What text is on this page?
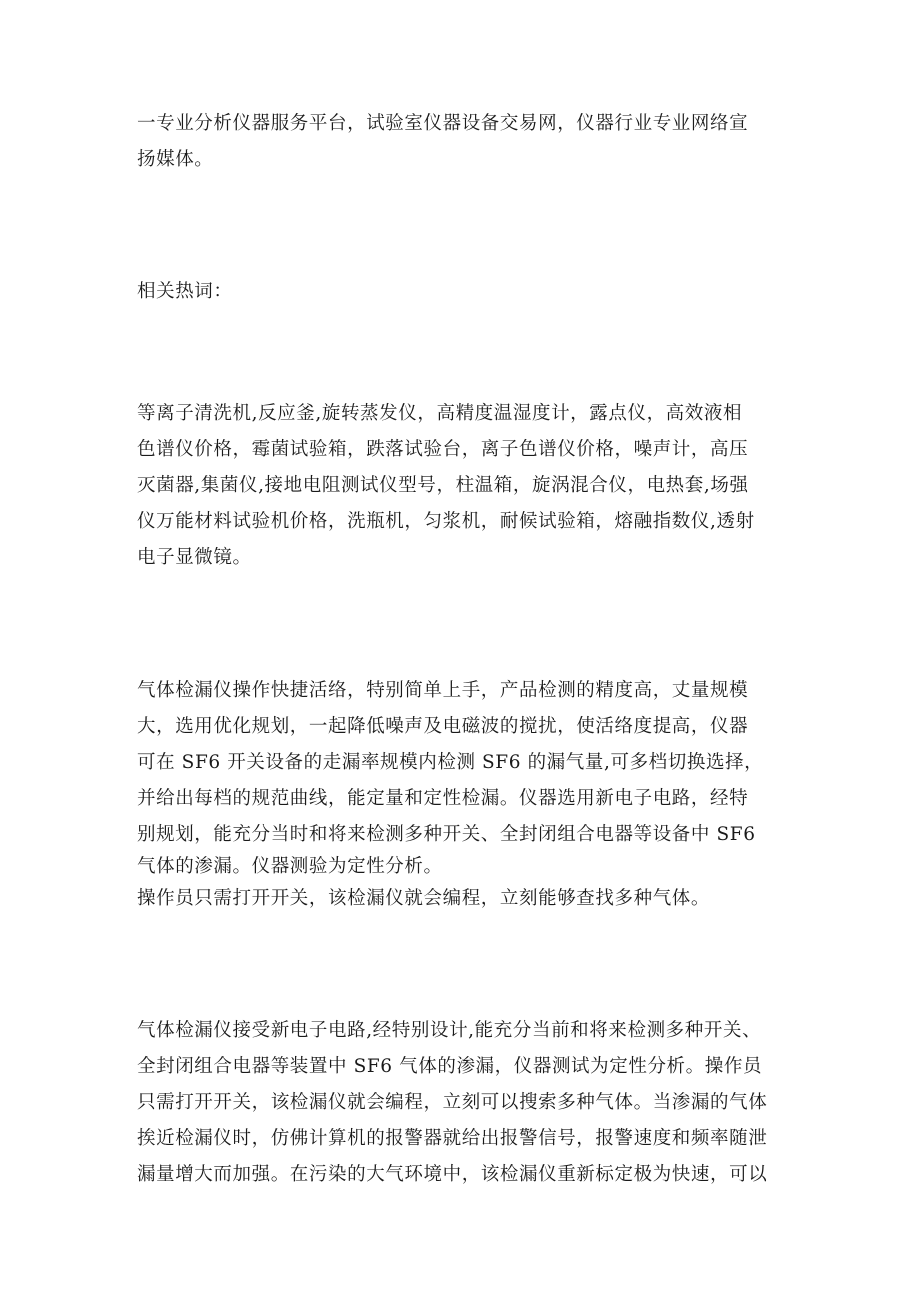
一专业分析仪器服务平台，试验室仪器设备交易网，仪器行业专业网络宣
扬媒体。

相关热词：

等离子清洗机,反应釜,旋转蒸发仪，高精度温湿度计，露点仪，高效液相
色谱仪价格，霉菌试验箱，跌落试验台，离子色谱仪价格，噪声计，高压
灭菌器,集菌仪,接地电阻测试仪型号，柱温箱，旋涡混合仪，电热套,场强
仪万能材料试验机价格，洗瓶机，匀浆机，耐候试验箱，熔融指数仪,透射
电子显微镜。

气体检漏仪操作快捷活络，特别简单上手，产品检测的精度高，丈量规模
大，选用优化规划，一起降低噪声及电磁波的搅扰，使活络度提高，仪器
可在 SF6 开关设备的走漏率规模内检测 SF6 的漏气量,可多档切换选择，
并给出每档的规范曲线，能定量和定性检漏。仪器选用新电子电路，经特
别规划，能充分当时和将来检测多种开关、全封闭组合电器等设备中 SF6
气体的渗漏。仪器测验为定性分析。
操作员只需打开开关，该检漏仪就会编程，立刻能够查找多种气体。

气体检漏仪接受新电子电路,经特别设计,能充分当前和将来检测多种开关、
全封闭组合电器等装置中 SF6 气体的渗漏，仪器测试为定性分析。操作员
只需打开开关，该检漏仪就会编程，立刻可以搜索多种气体。当渗漏的气体
挨近检漏仪时，仿佛计算机的报警器就给出报警信号，报警速度和频率随泄
漏量增大而加强。在污染的大气环境中，该检漏仪重新标定极为快速，可以
